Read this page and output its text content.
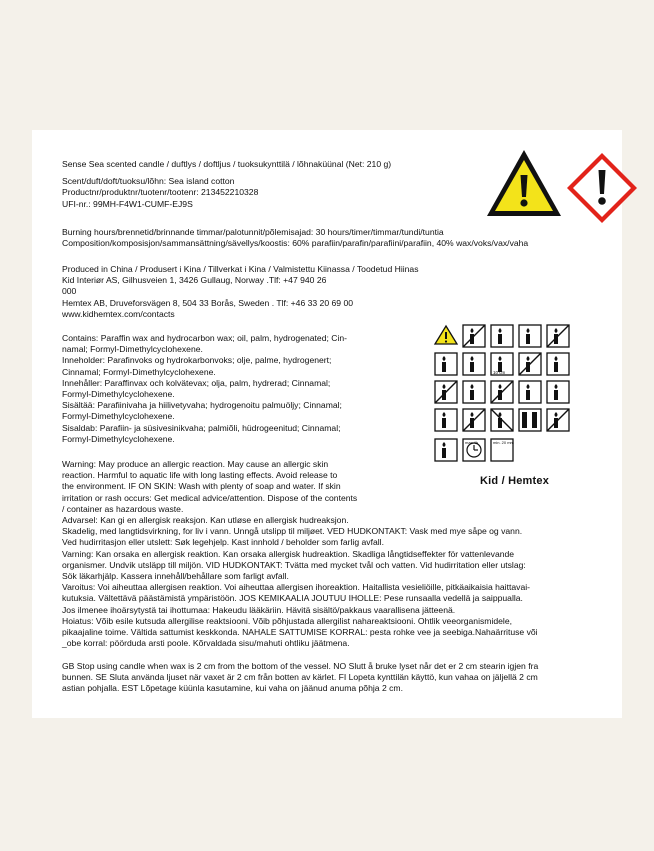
Sense Sea scented candle / duftlys / doftljus / tuoksukynttilä / lõhnaküünal (Net: 210 g)
Scent/duft/doft/tuoksu/lõhn: Sea island cotton
Productnr/produktnr/tuotenr/tootenr: 213452210328
UFI-nr.: 99MH-F4W1-CUMF-EJ9S
Burning hours/brennetid/brinnande timmar/palotunnit/põlemisajad: 30 hours/timer/timmar/tundi/tuntia
Composition/komposisjon/sammansättning/sävellys/koostis: 60% parafiin/parafin/parafiini/parafiin, 40% wax/voks/vax/vaha
Produced in China / Produsert i Kina / Tillverkat i Kina / Valmistettu Kiinassa / Toodetud Hiinas
Kid Interiør AS, Gilhusveien 1, 3426 Gullaug, Norway .Tlf: +47 940 26
000
Hemtex AB, Druveforsvägen 8, 504 33 Borås, Sweden . Tlf: +46 33 20 69 00
www.kidhemtex.com/contacts
Contains: Paraffin wax and hydrocarbon wax; oil, palm, hydrogenated; Cin-
namal; Formyl-Dimethylcyclohexene.
Inneholder: Parafinvoks og hydrokarbonvoks; olje, palme, hydrogenert;
Cinnamal; Formyl-Dimethylcyclohexene.
Innehåller: Paraffinvax och kolvätevax; olja, palm, hydrerad; Cinnamal;
Formyl-Dimethylcyclohexene.
Sisältää: Parafiinivaha ja hiilivetyvaha; hydrogenoitu palmuöljy; Cinnamal;
Formyl-Dimethylcyclohexene.
Sisaldab: Parafiin- ja süsivesinikvaha; palmiõli, hüdrogeenitud; Cinnamal;
Formyl-Dimethylcyclohexene.
Warning: May produce an allergic reaction. May cause an allergic skin
reaction. Harmful to aquatic life with long lasting effects. Avoid release to
the environment. IF ON SKIN: Wash with plenty of soap and water. If skin
irritation or rash occurs: Get medical advice/attention. Dispose of the contents
/ container as hazardous waste.
Advarsel: Kan gi en allergisk reaksjon. Kan utløse en allergisk hudreaksjon.
Skadelig, med langtidsvirkning, for liv i vann. Unngå utslipp til miljøet. VED HUDKONTAKT: Vask med mye såpe og vann.
Ved hudirritasjon eller utslett: Søk legehjelp. Kast innhold / beholder som farlig avfall.
Varning: Kan orsaka en allergisk reaktion. Kan orsaka allergisk hudreaktion. Skadliga långtidseffekter för vattenlevande
organismer. Undvik utsläpp till miljön. VID HUDKONTAKT: Tvätta med mycket tvål och vatten. Vid hudirritation eller utslag:
Sök läkarhjälp. Kassera innehåll/behållare som farligt avfall.
Varoitus: Voi aiheuttaa allergisen reaktion. Voi aiheuttaa allergisen ihoreaktion. Haitallista vesieliöille, pitkäaikaisia haittavai-
kutuksia. Vältettävä päästämistä ympäristöön. JOS KEMIKAALIA JOUTUU IHOLLE: Pese runsaalla vedellä ja saippualla.
Jos ilmenee ihoärsytystä tai ihottumaa: Hakeudu lääkäriin. Hävitä sisältö/pakkaus vaarallisena jätteenä.
Hoiatus: Võib esile kutsuda allergilise reaktsiooni. Võib põhjustada allergilist nahareaktsiooni. Ohtlik veeorganismidele,
pikaajaline toime. Vältida sattumist keskkonda. NAHALE SATTUMISE KORRAL: pesta rohke vee ja seebiga.Nahaärrituse või
_obe korral: pöörduda arsti poole. Kõrvaldada sisu/mahuti ohtliku jäätmena.
GB Stop using candle when wax is 2 cm from the bottom of the vessel. NO Slutt å bruke lyset når det er 2 cm stearin igjen fra
bunnen. SE Sluta använda ljuset när vaxet är 2 cm från botten av kärlet. FI Lopeta kynttilän käyttö, kun vahaa on jäljellä 2 cm
astian pohjalla. EST Lõpetage küünla kasutamine, kui vaha on jäänud anuma põhja 2 cm.
10 cm
max 4h	min. 20 mm
Kid / Hemtex
